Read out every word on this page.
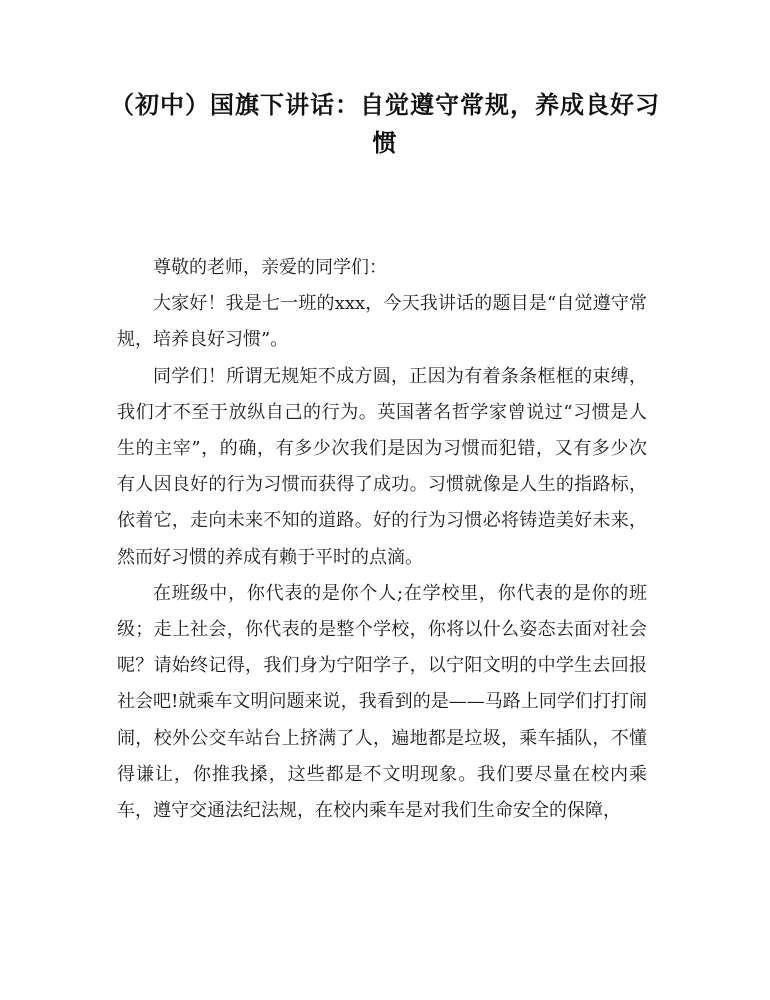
（初中）国旗下讲话：自觉遵守常规，养成良好习惯

尊敬的老师，亲爱的同学们：

大家好！我是七一班的xxx，今天我讲话的题目是“自觉遵守常规，培养良好习惯”。

同学们！所谓无规矩不成方圆，正因为有着条条框框的束缚，我们才不至于放纵自己的行为。英国著名哲学家曾说过“习惯是人生的主宰”，的确，有多少次我们是因为习惯而犯错，又有多少次有人因良好的行为习惯而获得了成功。习惯就像是人生的指路标，依着它，走向未来不知的道路。好的行为习惯必将铸造美好未来，然而好习惯的养成有赖于平时的点滴。

在班级中，你代表的是你个人;在学校里，你代表的是你的班级；走上社会，你代表的是整个学校，你将以什么姿态去面对社会呢？请始终记得，我们身为宁阳学子，以宁阳文明的中学生去回报社会吧!就乘车文明问题来说，我看到的是——马路上同学们打打闹闹，校外公交车站台上挤满了人，遍地都是垃圾，乘车插队，不懂得谦让，你推我搡，这些都是不文明现象。我们要尽量在校内乘车，遵守交通法纪法规，在校内乘车是对我们生命安全的保障，
